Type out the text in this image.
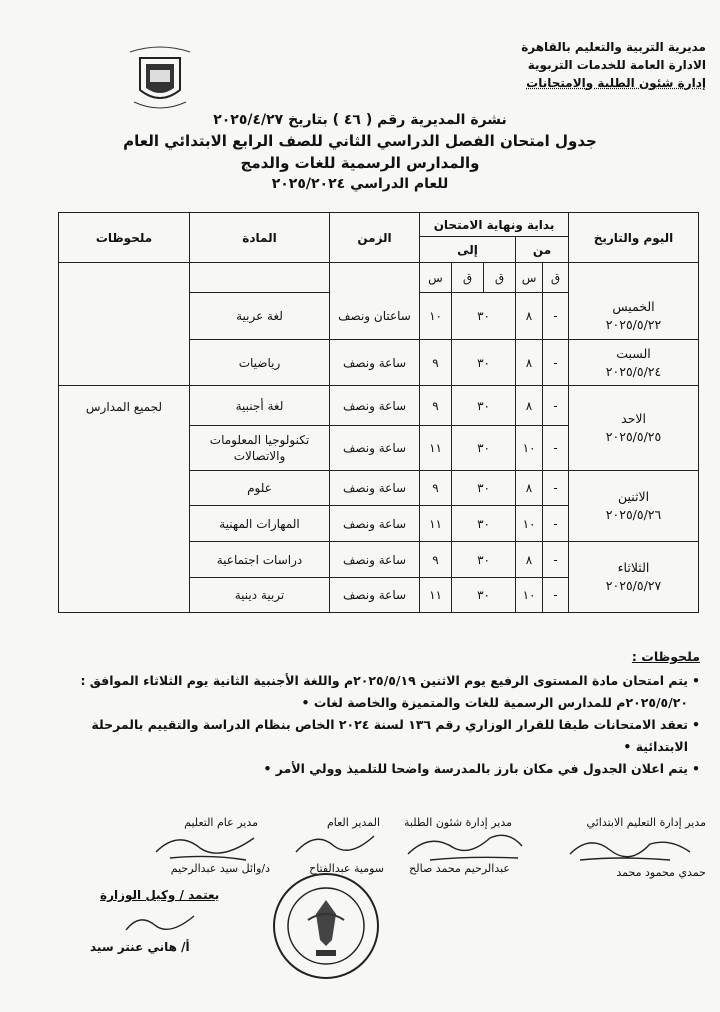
مديرية التربية والتعليم بالقاهرة
الادارة العامة للخدمات التربوية
إدارة شئون الطلبة والامتحانات
نشرة المديرية رقم ( ٤٦ ) بتاريخ ٢٠٢٥/٤/٢٧
جدول امتحان الفصل الدراسي الثاني للصف الرابع الابتدائي العام
والمدارس الرسمية للغات والدمج
للعام الدراسي ٢٠٢٥/٢٠٢٤
اليوم والتاريخ	بداية ونهاية الامتحان					الزمن	المادة	ملحوظات
	من		إلى					
	ق	س	ق	ق	س			

الخميس
٢٠٢٥/٥/٢٢	-	٨	٣٠		١٠	ساعتان ونصف	لغة عربية	

السبت
٢٠٢٥/٥/٢٤	-	٨	٣٠		٩	ساعة ونصف	رياضيات	

الاحد
٢٠٢٥/٥/٢٥	-	٨	٣٠		٩	ساعة ونصف	لغة أجنبية	لجميع المدارس
	-	١٠	٣٠		١١	ساعة ونصف	تكنولوجيا المعلومات والاتصالات	

الاثنين
٢٠٢٥/٥/٢٦	-	٨	٣٠		٩	ساعة ونصف	علوم	
	-	١٠	٣٠		١١	ساعة ونصف	المهارات المهنية	

الثلاثاء
٢٠٢٥/٥/٢٧	-	٨	٣٠		٩	ساعة ونصف	دراسات اجتماعية	
	-	١٠	٣٠		١١	ساعة ونصف	تربية دينية	
ملحوظات :
• يتم امتحان مادة المستوى الرفيع يوم الاثنين ٢٠٢٥/٥/١٩م واللغة الأجنبية الثانية يوم الثلاثاء الموافق :
٢٠٢٥/٥/٢٠م للمدارس الرسمية للغات والمتميزة والخاصة لغات •
• تعقد الامتحانات طبقا للقرار الوزاري رقم ١٣٦ لسنة ٢٠٢٤ الخاص بنظام الدراسة والتقييم بالمرحلة
الابتدائية •
• يتم اعلان الجدول في مكان بارز بالمدرسة واضحا للتلميذ وولي الأمر •
مدير إدارة التعليم الابتدائي
مدير إدارة شئون الطلبة
المدير العام
مدير عام التعليم
حمدي محمود محمد
عبدالرحيم محمد صالح
سومية عبدالفتاح
د/وائل سيد عبدالرحيم
يعتمد / وكيل الوزارة
أ/ هاني عنتر سيد
